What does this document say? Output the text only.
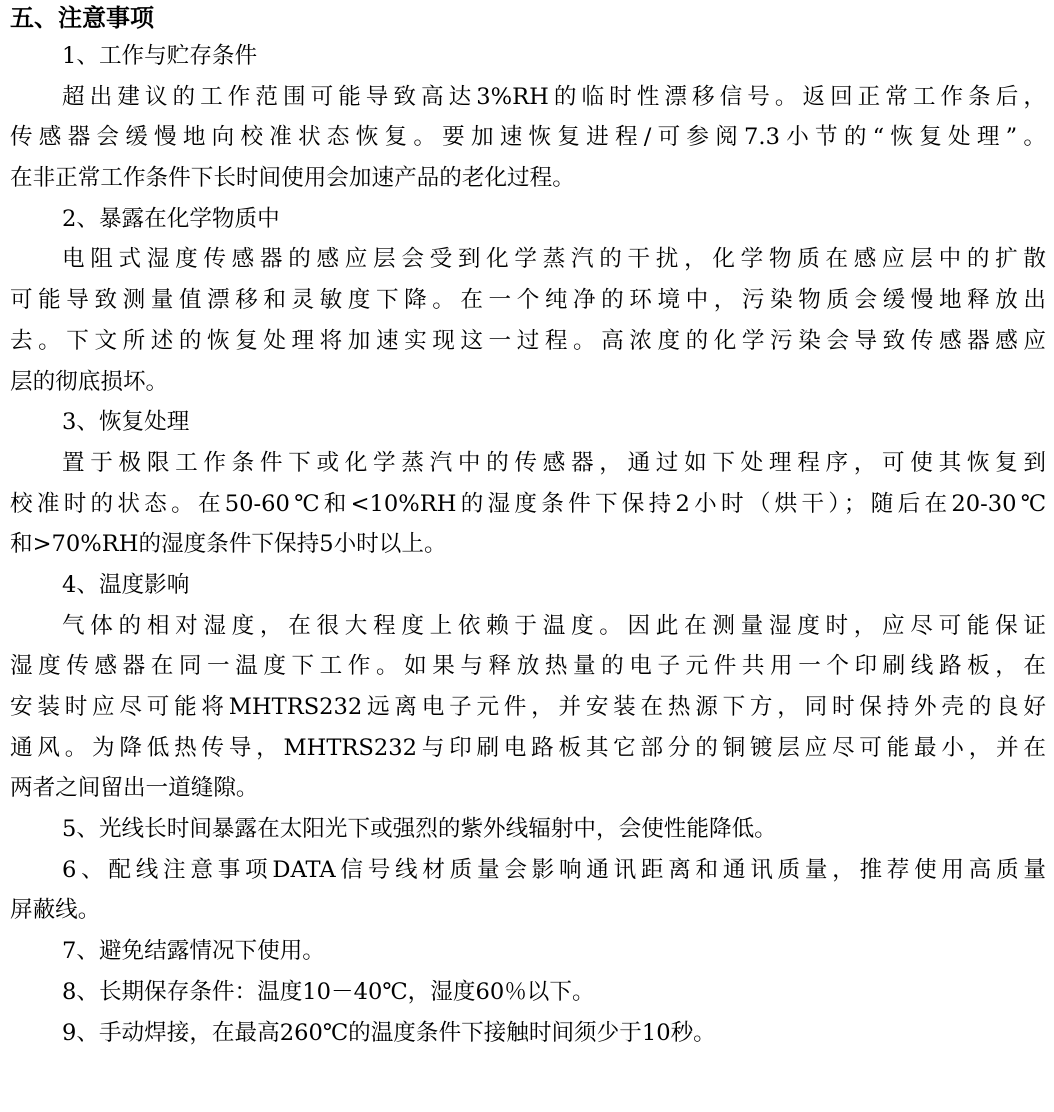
五、注意事项
1、工作与贮存条件
超出建议的工作范围可能导致高达3%RH的临时性漂移信号。返回正常工作条后，
传感器会缓慢地向校准状态恢复。要加速恢复进程/可参阅7.3小节的“恢复处理”。
在非正常工作条件下长时间使用会加速产品的老化过程。
2、暴露在化学物质中
电阻式湿度传感器的感应层会受到化学蒸汽的干扰，化学物质在感应层中的扩散
可能导致测量值漂移和灵敏度下降。在一个纯净的环境中，污染物质会缓慢地释放出
去。下文所述的恢复处理将加速实现这一过程。高浓度的化学污染会导致传感器感应
层的彻底损坏。
3、恢复处理
置于极限工作条件下或化学蒸汽中的传感器，通过如下处理程序，可使其恢复到
校准时的状态。在50-60℃和<10%RH的湿度条件下保持2小时（烘干）；随后在20-30℃
和>70%RH的湿度条件下保持5小时以上。
4、温度影响
气体的相对湿度，在很大程度上依赖于温度。因此在测量湿度时，应尽可能保证
湿度传感器在同一温度下工作。如果与释放热量的电子元件共用一个印刷线路板，在
安装时应尽可能将MHTRS232远离电子元件，并安装在热源下方，同时保持外壳的良好
通风。为降低热传导，MHTRS232与印刷电路板其它部分的铜镀层应尽可能最小，并在
两者之间留出一道缝隙。
5、光线长时间暴露在太阳光下或强烈的紫外线辐射中，会使性能降低。
6、配线注意事项DATA信号线材质量会影响通讯距离和通讯质量，推荐使用高质量
屏蔽线。
7、避免结露情况下使用。
8、长期保存条件：温度10－40℃，湿度60％以下。
9、手动焊接，在最高260℃的温度条件下接触时间须少于10秒。
